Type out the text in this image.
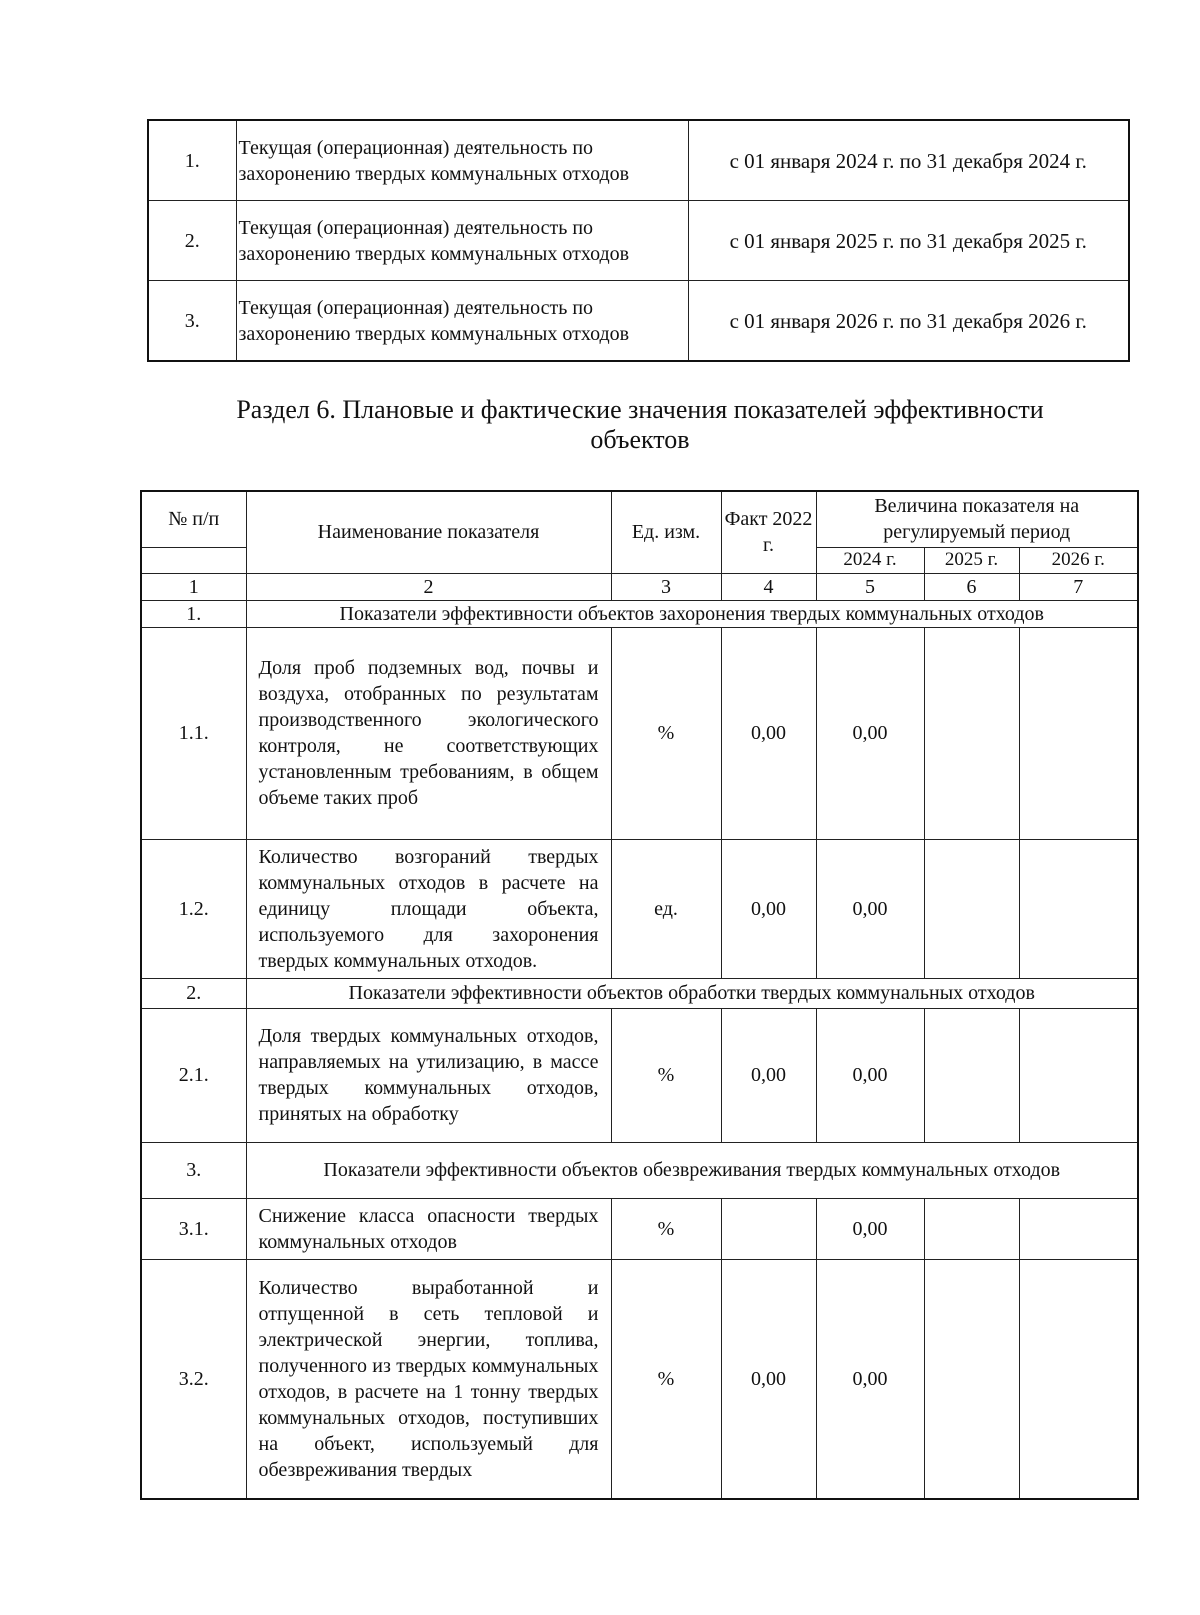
1.	Текущая (операционная) деятельность по захоронению твердых коммунальных отходов	с 01 января 2024 г. по 31 декабря 2024 г.
2.	Текущая (операционная) деятельность по захоронению твердых коммунальных отходов	с 01 января 2025 г. по 31 декабря 2025 г.
3.	Текущая (операционная) деятельность по захоронению твердых коммунальных отходов	с 01 января 2026 г. по 31 декабря 2026 г.
Раздел 6. Плановые и фактические значения показателей эффективности
объектов
№ п/п	Наименование показателя	Ед. изм.	Факт 2022 г.	Величина показателя на регулируемый период		
				2024 г.	2025 г.	2026 г.
1	2	3	4	5	6	7
1.	Показатели эффективности объектов захоронения твердых коммунальных отходов					
1.1.	Доля проб подземных вод, почвы и воздуха, отобранных по результатам производственного экологического контроля, не соответствующих установленным требованиям, в общем объеме таких проб	%	0,00	0,00		
1.2.	Количество возгораний твердых коммунальных отходов в расчете на единицу площади объекта, используемого для захоронения твердых коммунальных отходов.	ед.	0,00	0,00		
2.	Показатели эффективности объектов обработки твердых коммунальных отходов					
2.1.	Доля твердых коммунальных отходов, направляемых на утилизацию, в массе твердых коммунальных отходов, принятых на обработку	%	0,00	0,00		
3.	Показатели эффективности объектов обезвреживания твердых коммунальных отходов					
3.1.	Снижение класса опасности твердых коммунальных отходов	%		0,00		
3.2.	Количество выработанной и отпущенной в сеть тепловой и электрической энергии, топлива, полученного из твердых коммунальных отходов, в расчете на 1 тонну твердых коммунальных отходов, поступивших на объект, используемый для обезвреживания твердых	%	0,00	0,00		
